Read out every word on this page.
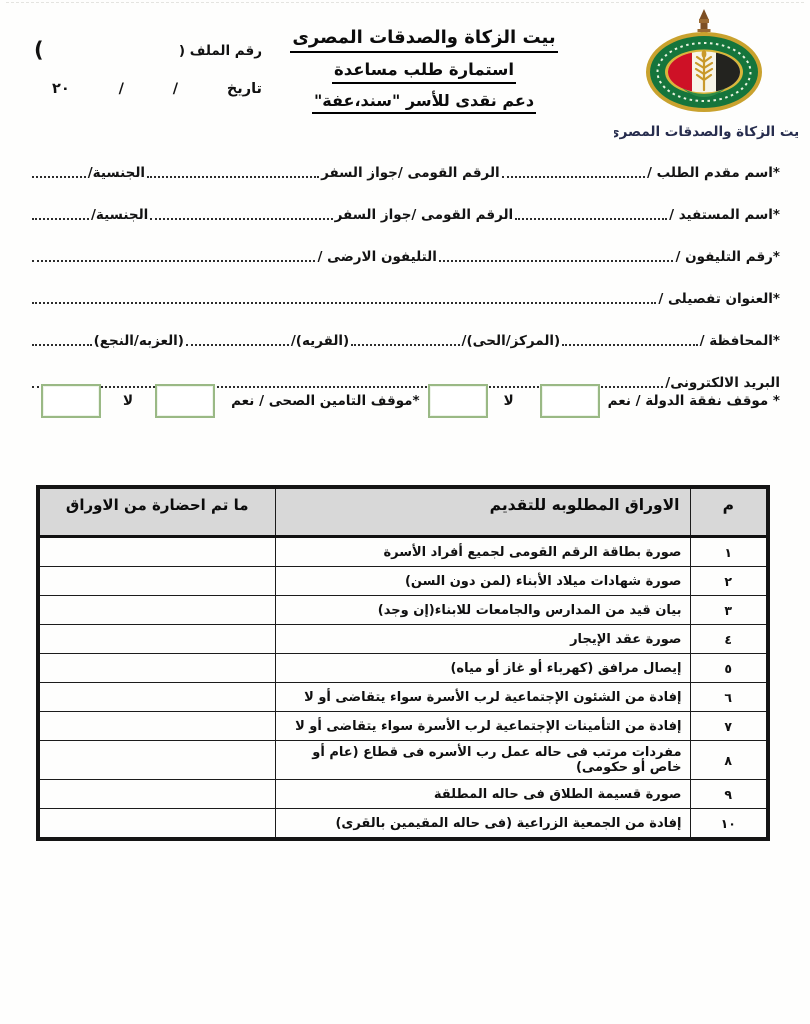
بيت الزكاة والصدقات المصرى
بيت الزكاة والصدقات المصرى
استمارة طلب مساعدة
دعم نقدى للأسر "سند،عفة"
رقم الملف (
)
تاريخ
/
/
٢٠
*اسم مقدم الطلب /
الرقم القومى /جواز السفر
الجنسية/
*اسم المستفيد /
الرقم القومى /جواز السفر
الجنسية/
*رقم التليفون /
التليفون الارضى /
*العنوان تفصيلى /
*المحافظة /
(المركز/الحى)/
(القريه)/
(العزبه/النجع)
البريد الالكترونى/
* موقف نفقة الدولة / نعم
لا
*موقف التامين الصحى / نعم
لا
م	الاوراق المطلوبه للتقديم	ما تم احضارة من الاوراق
١	صورة بطاقة الرقم القومى لجميع أفراد الأسرة	
٢	صورة شهادات ميلاد الأبناء (لمن دون السن)	
٣	بيان قيد من المدارس والجامعات للابناء(إن وجد)	
٤	صورة عقد الإيجار	
٥	إيصال مرافق (كهرباء أو غاز أو مياه)	
٦	إفادة من الشئون الإجتماعية لرب الأسرة سواء يتقاضى أو لا	
٧	إفادة من التأمينات الإجتماعية لرب الأسرة سواء يتقاضى أو لا	
٨	مفردات مرتب فى حاله عمل رب الأسره فى قطاع (عام أو خاص أو حكومى)	
٩	صورة قسيمة الطلاق فى حاله المطلقة	
١٠	إفادة من الجمعية الزراعية (فى حاله المقيمين بالقرى)	
